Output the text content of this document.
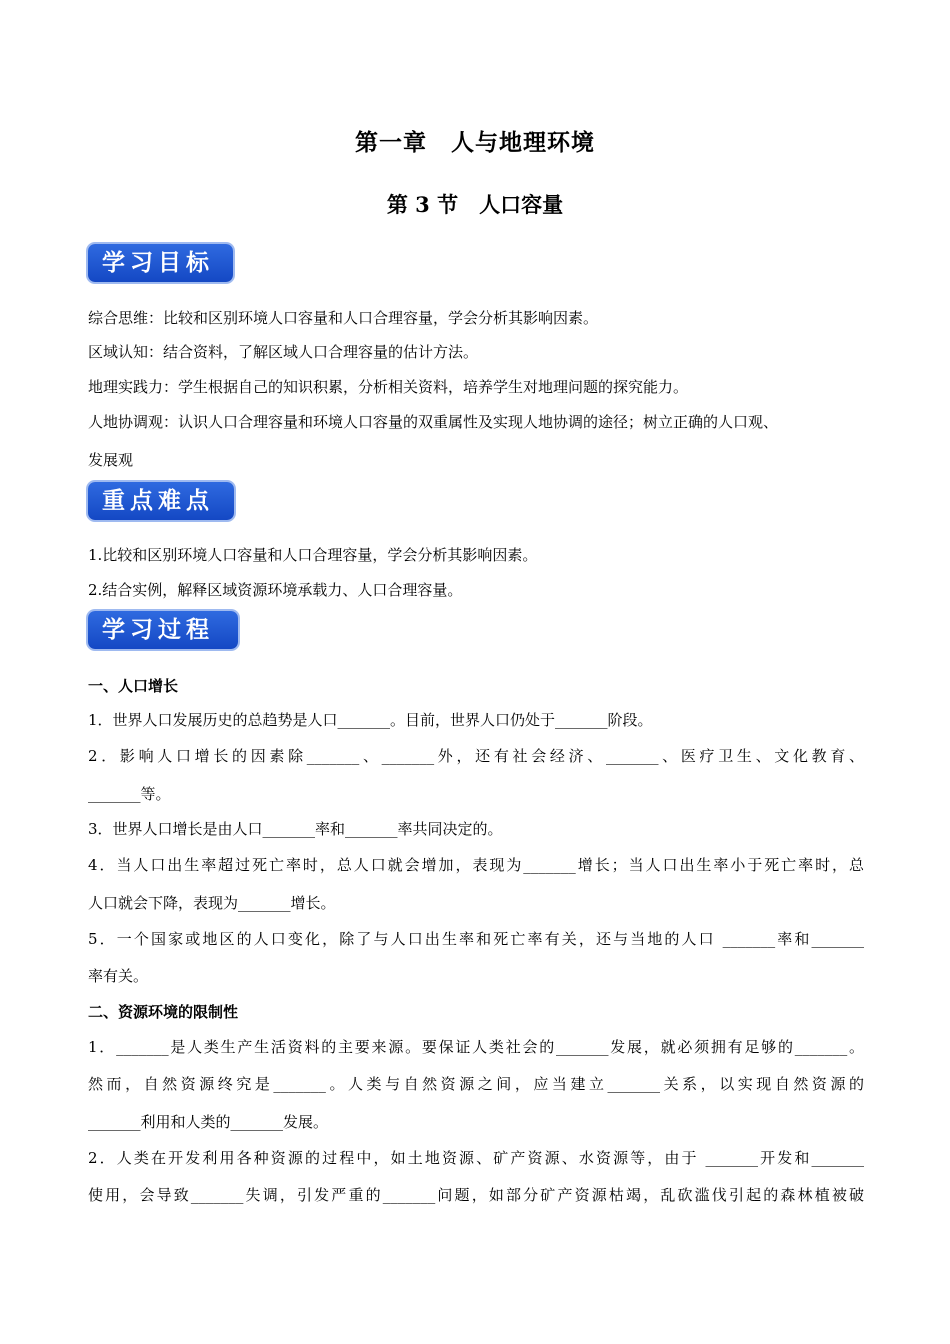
第一章　人与地理环境
第 3 节　人口容量
学习目标
综合思维：比较和区别环境人口容量和人口合理容量，学会分析其影响因素。
区域认知：结合资料，了解区域人口合理容量的估计方法。
地理实践力：学生根据自己的知识积累，分析相关资料，培养学生对地理问题的探究能力。
人地协调观：认识人口合理容量和环境人口容量的双重属性及实现人地协调的途径；树立正确的人口观、
发展观
重点难点
1.比较和区别环境人口容量和人口合理容量，学会分析其影响因素。
2.结合实例，解释区域资源环境承载力、人口合理容量。
学习过程
一、人口增长
1．世界人口发展历史的总趋势是人口_______。目前，世界人口仍处于_______阶段。
2．影响人口增长的因素除_______、_______外，还有社会经济、_______、医疗卫生、文化教育、
_______等。
3．世界人口增长是由人口_______率和_______率共同决定的。
4．当人口出生率超过死亡率时，总人口就会增加，表现为_______增长；当人口出生率小于死亡率时，总
人口就会下降，表现为_______增长。
5．一个国家或地区的人口变化，除了与人口出生率和死亡率有关，还与当地的人口 _______率和_______
率有关。
二、资源环境的限制性
1．_______是人类生产生活资料的主要来源。要保证人类社会的_______发展，就必须拥有足够的_______。
然而，自然资源终究是_______。人类与自然资源之间，应当建立_______关系，以实现自然资源的
_______利用和人类的_______发展。
2．人类在开发利用各种资源的过程中，如土地资源、矿产资源、水资源等，由于 _______开发和_______
使用，会导致_______失调，引发严重的_______问题，如部分矿产资源枯竭，乱砍滥伐引起的森林植被破
